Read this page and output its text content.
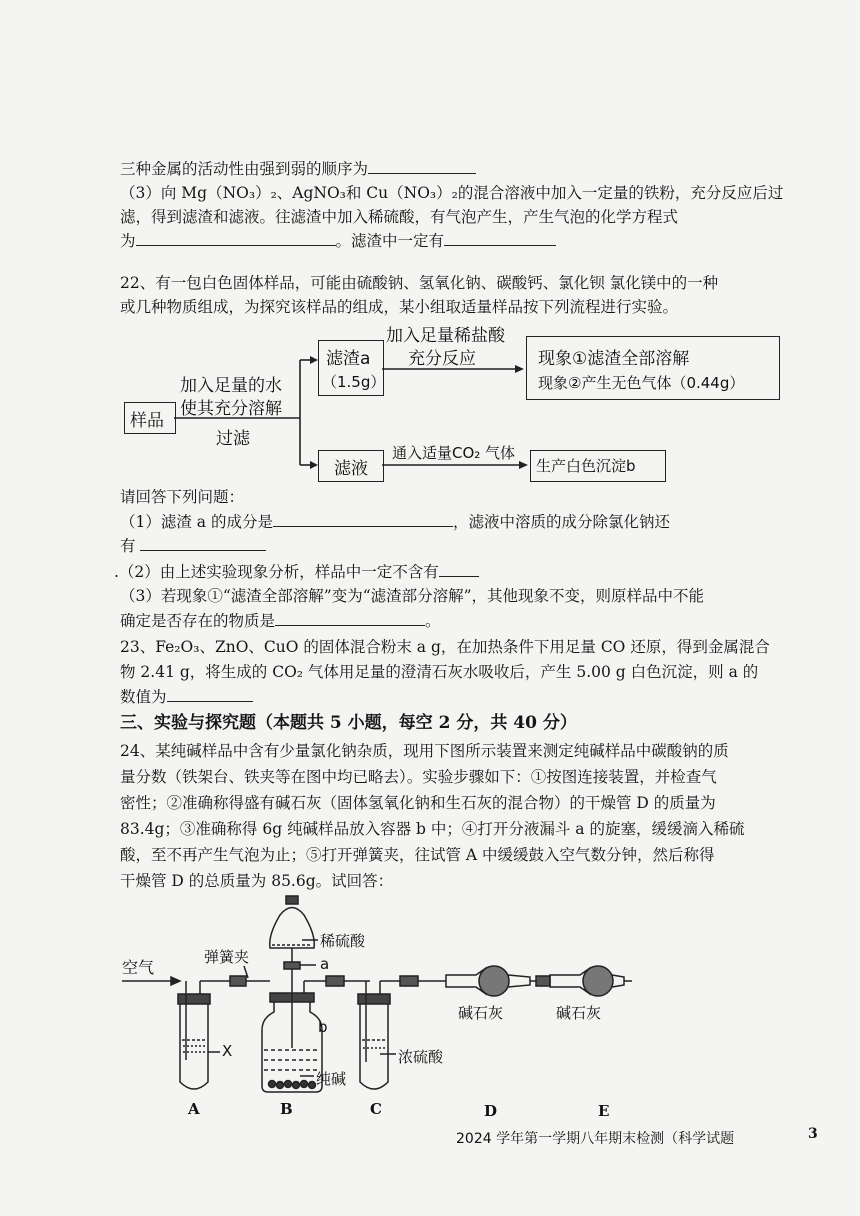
三种金属的活动性由强到弱的顺序为
（3）向 Mg（NO₃）₂、AgNO₃和 Cu（NO₃）₂的混合溶液中加入一定量的铁粉，充分反应后过
滤，得到滤渣和滤液。往滤渣中加入稀硫酸，有气泡产生，产生气泡的化学方程式
为	。滤渣中一定有
22、有一包白色固体样品，可能由硫酸钠、氢氧化钠、碳酸钙、氯化钡 氯化镁中的一种
或几种物质组成，为探究该样品的组成，某小组取适量样品按下列流程进行实验。
样品
加入足量的水
使其充分溶解
过滤
滤渣a
（1.5g）
加入足量稀盐酸
充分反应	现象①滤渣全部溶解
现象②产生无色气体（0.44g）
滤液
通入适量CO₂ 气体
生产白色沉淀b
请回答下列问题：
（1）滤渣 a 的成分是	，滤液中溶质的成分除氯化钠还
有
.（2）由上述实验现象分析，样品中一定不含有
（3）若现象①“滤渣全部溶解”变为“滤渣部分溶解”，其他现象不变，则原样品中不能
确定是否存在的物质是	。
23、Fe₂O₃、ZnO、CuO 的固体混合粉末 a g，在加热条件下用足量 CO 还原，得到金属混合
物 2.41 g，将生成的 CO₂ 气体用足量的澄清石灰水吸收后，产生 5.00 g 白色沉淀，则 a 的
数值为
三、实验与探究题（本题共 5 小题，每空 2 分，共 40 分）
24、某纯碱样品中含有少量氯化钠杂质，现用下图所示装置来测定纯碱样品中碳酸钠的质
量分数（铁架台、铁夹等在图中均已略去）。实验步骤如下：①按图连接装置，并检查气
密性；②准确称得盛有碱石灰（固体氢氧化钠和生石灰的混合物）的干燥管 D 的质量为
83.4g；③准确称得 6g 纯碱样品放入容器 b 中；④打开分液漏斗 a 的旋塞，缓缓滴入稀硫
酸，至不再产生气泡为止；⑤打开弹簧夹，往试管 A 中缓缓鼓入空气数分钟，然后称得
干燥管 D 的总质量为 85.6g。试回答：
空气
弹簧夹
稀硫酸
a
b
X
纯碱
浓硫酸
碱石灰	碱石灰
A	B	C	D	E
2024 学年第一学期八年期末检测（科学试题	3
